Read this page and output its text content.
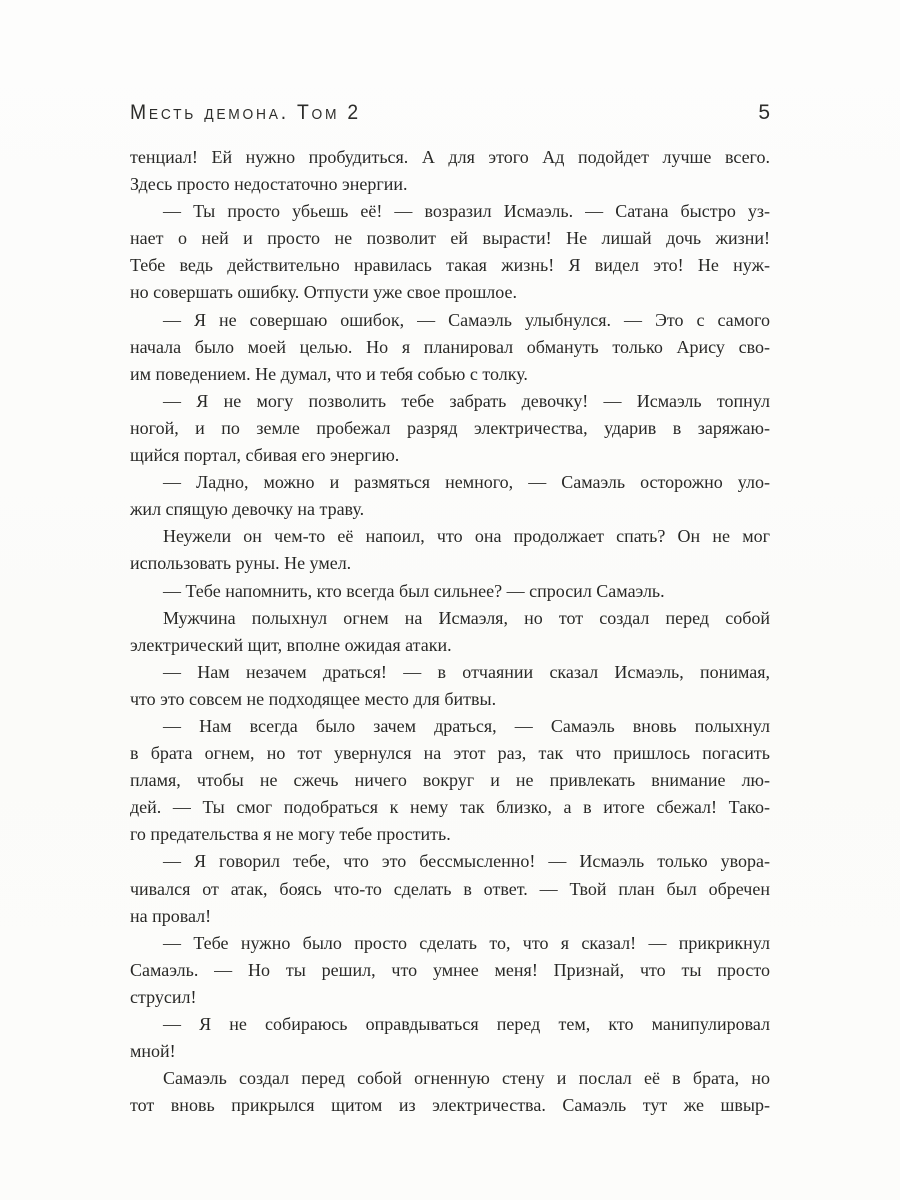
Месть демона. Том 2	5
тенциал! Ей нужно пробудиться. А для этого Ад подойдет лучше всего.
Здесь просто недостаточно энергии.
— Ты просто убьешь её! — возразил Исмаэль. — Сатана быстро уз-
нает о ней и просто не позволит ей вырасти! Не лишай дочь жизни!
Тебе ведь действительно нравилась такая жизнь! Я видел это! Не нуж-
но совершать ошибку. Отпусти уже свое прошлое.
— Я не совершаю ошибок, — Самаэль улыбнулся. — Это с самого
начала было моей целью. Но я планировал обмануть только Арису сво-
им поведением. Не думал, что и тебя собью с толку.
— Я не могу позволить тебе забрать девочку! — Исмаэль топнул
ногой, и по земле пробежал разряд электричества, ударив в заряжаю-
щийся портал, сбивая его энергию.
— Ладно, можно и размяться немного, — Самаэль осторожно уло-
жил спящую девочку на траву.
Неужели он чем-то её напоил, что она продолжает спать? Он не мог
использовать руны. Не умел.
— Тебе напомнить, кто всегда был сильнее? — спросил Самаэль.
Мужчина полыхнул огнем на Исмаэля, но тот создал перед собой
электрический щит, вполне ожидая атаки.
— Нам незачем драться! — в отчаянии сказал Исмаэль, понимая,
что это совсем не подходящее место для битвы.
— Нам всегда было зачем драться, — Самаэль вновь полыхнул
в брата огнем, но тот увернулся на этот раз, так что пришлось погасить
пламя, чтобы не сжечь ничего вокруг и не привлекать внимание лю-
дей. — Ты смог подобраться к нему так близко, а в итоге сбежал! Тако-
го предательства я не могу тебе простить.
— Я говорил тебе, что это бессмысленно! — Исмаэль только увора-
чивался от атак, боясь что-то сделать в ответ. — Твой план был обречен
на провал!
— Тебе нужно было просто сделать то, что я сказал! — прикрикнул
Самаэль. — Но ты решил, что умнее меня! Признай, что ты просто
струсил!
— Я не собираюсь оправдываться перед тем, кто манипулировал
мной!
Самаэль создал перед собой огненную стену и послал её в брата, но
тот вновь прикрылся щитом из электричества. Самаэль тут же швыр-
